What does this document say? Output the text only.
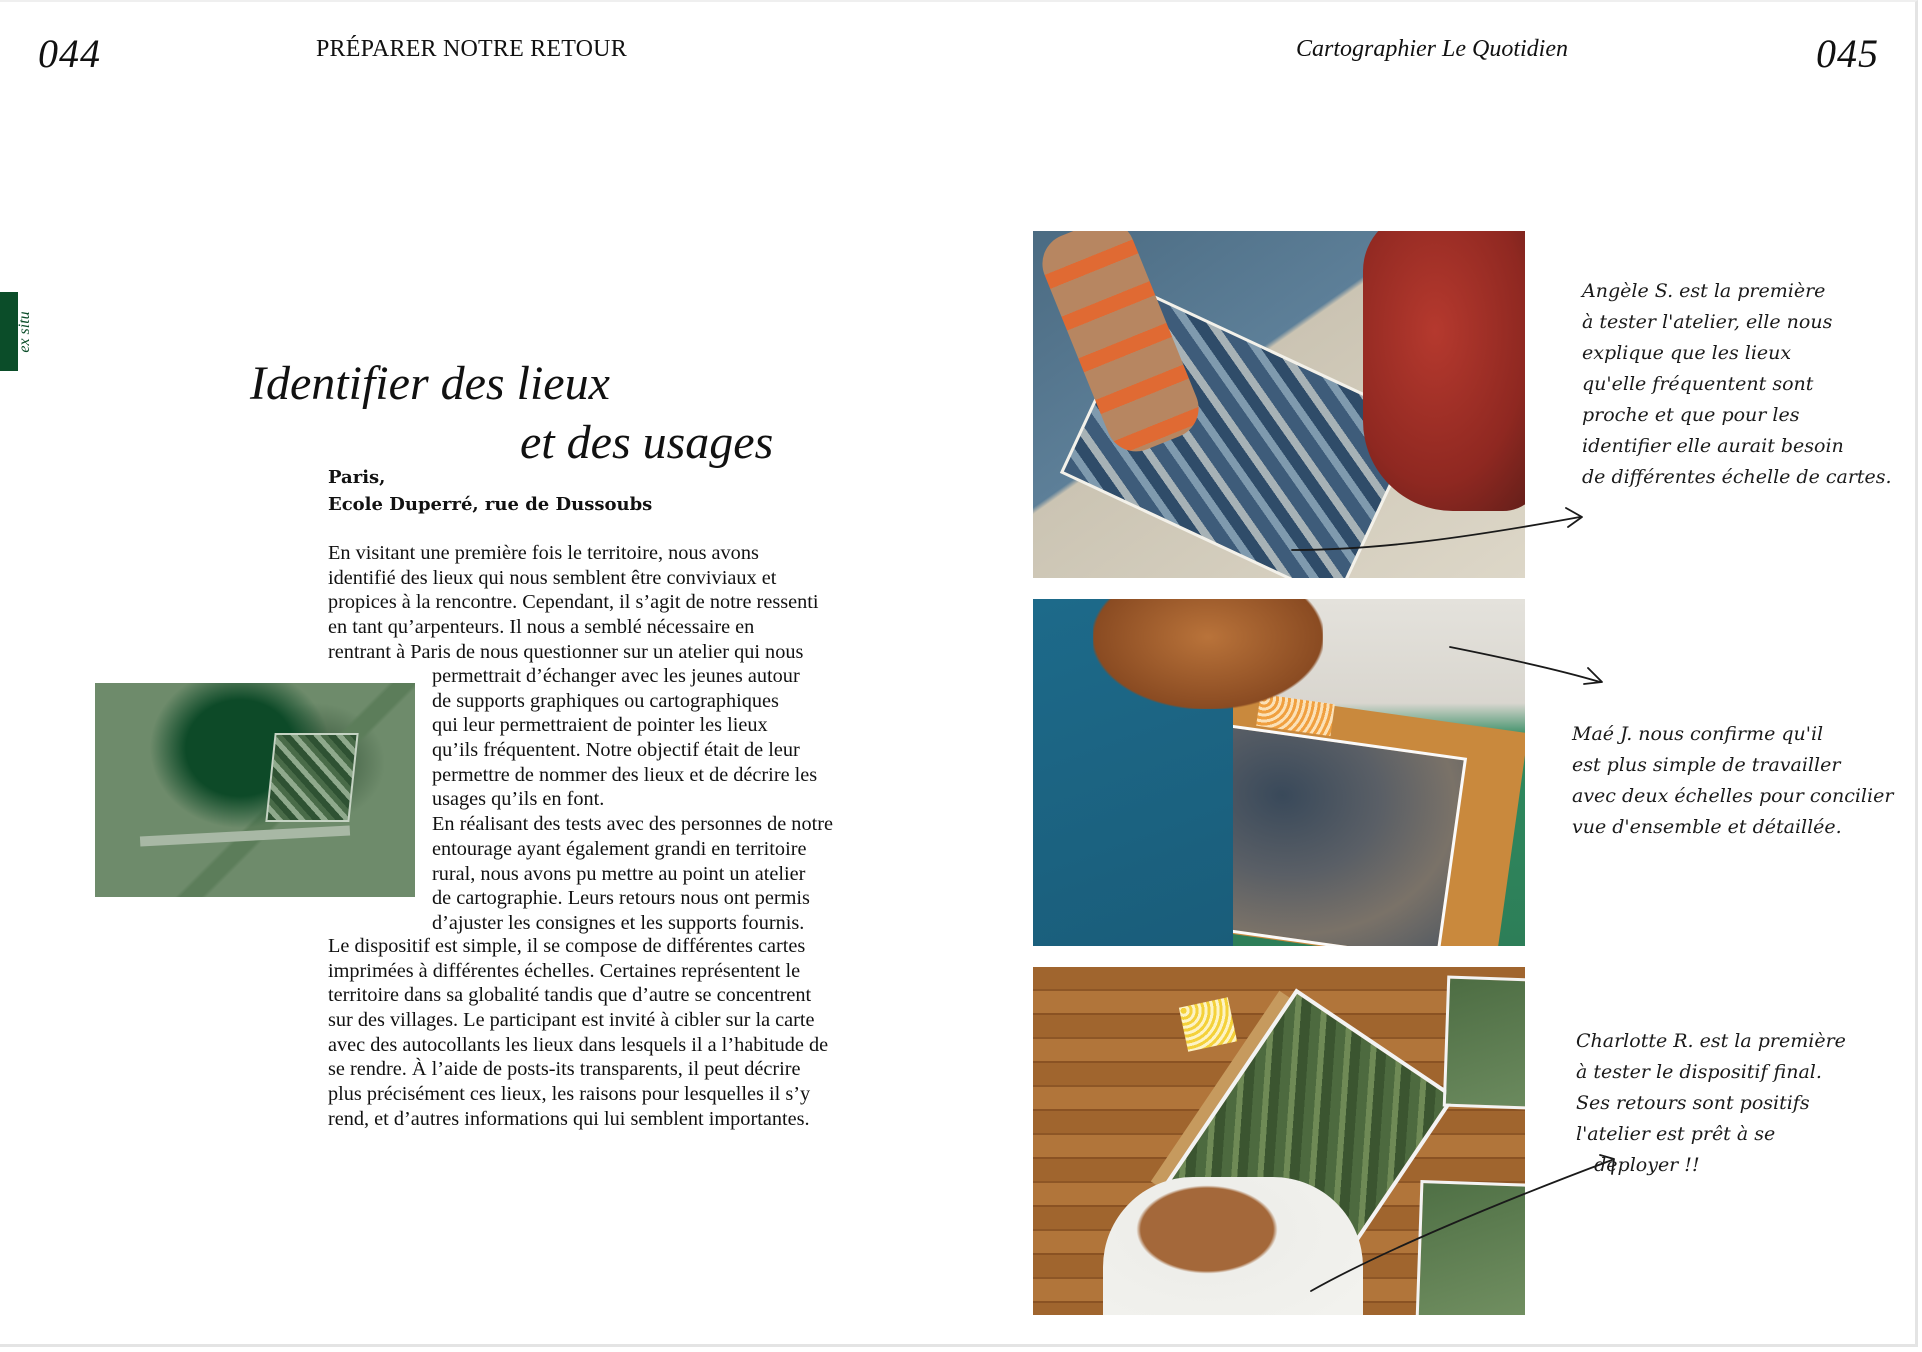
044	PRÉPARER NOTRE RETOUR	Cartographier Le Quotidien	045
ex situ
Identifier des lieux
et des usages
Paris,
Ecole Duperré, rue de Dussoubs
En visitant une première fois le territoire, nous avons
identifié des lieux qui nous semblent être conviviaux et
propices à la rencontre. Cependant, il s’agit de notre ressenti
en tant qu’arpenteurs. Il nous a semblé nécessaire en
rentrant à Paris de nous questionner sur un atelier qui nous
permettrait d’échanger avec les jeunes autour
de supports graphiques ou cartographiques
qui leur permettraient de pointer les lieux
qu’ils fréquentent. Notre objectif était de leur
permettre de nommer des lieux et de décrire les
usages qu’ils en font.
En réalisant des tests avec des personnes de notre
entourage ayant également grandi en territoire
rural, nous avons pu mettre au point un atelier
de cartographie. Leurs retours nous ont permis
d’ajuster les consignes et les supports fournis.
Le dispositif est simple, il se compose de différentes cartes
imprimées à différentes échelles. Certaines représentent le
territoire dans sa globalité tandis que d’autre se concentrent
sur des villages. Le participant est invité à cibler sur la carte
avec des autocollants les lieux dans lesquels il a l’habitude de
se rendre. À l’aide de posts-its transparents, il peut décrire
plus précisément ces lieux, les raisons pour lesquelles il s’y
rend, et d’autres informations qui lui semblent importantes.
Angèle S. est la première
à tester l'atelier, elle nous
explique que les lieux
qu'elle fréquentent sont
proche et que pour les
identifier elle aurait besoin
de différentes échelle de cartes.
Maé J. nous confirme qu'il
est plus simple de travailler
avec deux échelles pour concilier
vue d'ensemble et détaillée.
Charlotte R. est la première
à tester le dispositif final.
Ses retours sont positifs
l'atelier est prêt à se
deployer !!
